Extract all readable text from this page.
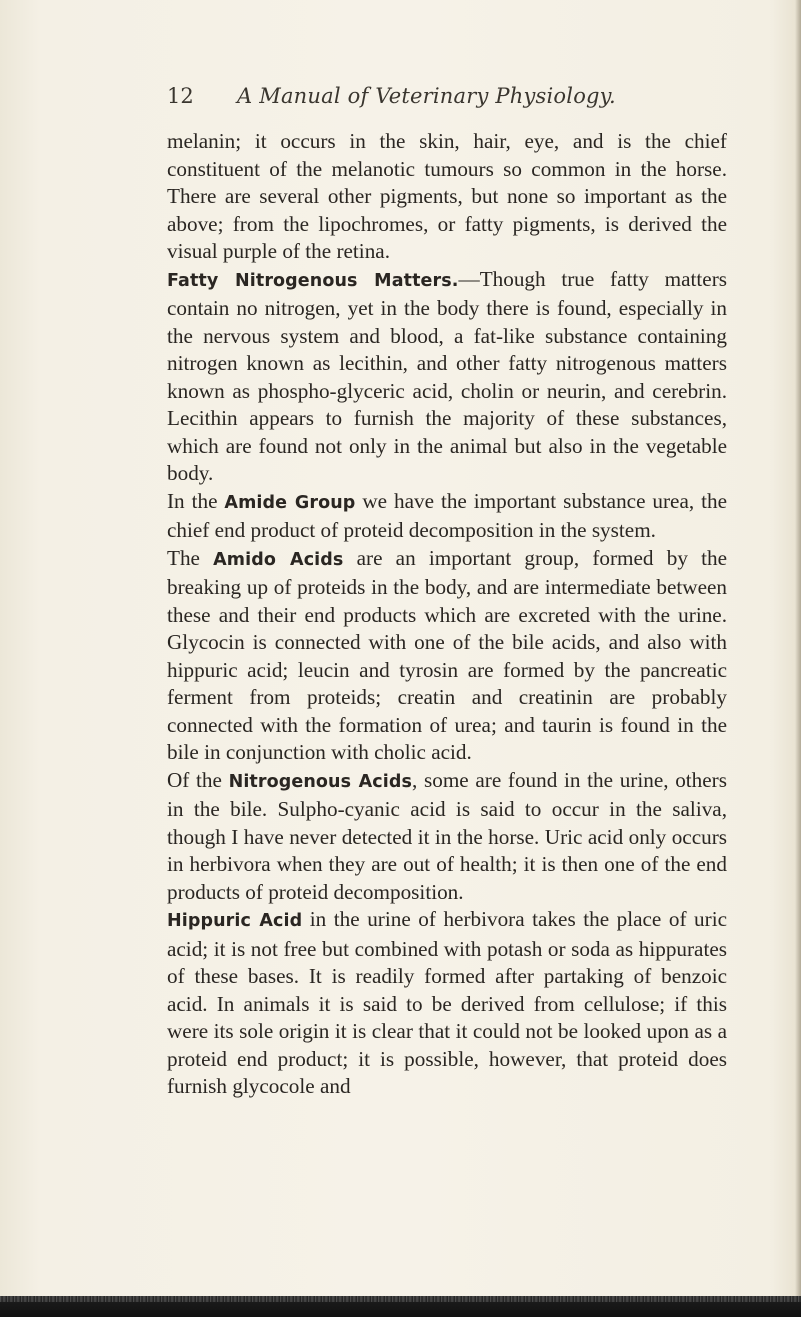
12 A Manual of Veterinary Physiology.

melanin; it occurs in the skin, hair, eye, and is the chief constituent of the melanotic tumours so common in the horse. There are several other pigments, but none so important as the above; from the lipochromes, or fatty pigments, is derived the visual purple of the retina.

Fatty Nitrogenous Matters.—Though true fatty matters contain no nitrogen, yet in the body there is found, especially in the nervous system and blood, a fat-like substance containing nitrogen known as lecithin, and other fatty nitrogenous matters known as phospho-glyceric acid, cholin or neurin, and cerebrin. Lecithin appears to furnish the majority of these substances, which are found not only in the animal but also in the vegetable body.

In the Amide Group we have the important substance urea, the chief end product of proteid decomposition in the system.

The Amido Acids are an important group, formed by the breaking up of proteids in the body, and are intermediate between these and their end products which are excreted with the urine. Glycocin is connected with one of the bile acids, and also with hippuric acid; leucin and tyrosin are formed by the pancreatic ferment from proteids; creatin and creatinin are probably connected with the formation of urea; and taurin is found in the bile in conjunction with cholic acid.

Of the Nitrogenous Acids, some are found in the urine, others in the bile. Sulpho-cyanic acid is said to occur in the saliva, though I have never detected it in the horse. Uric acid only occurs in herbivora when they are out of health; it is then one of the end products of proteid decomposition.

Hippuric Acid in the urine of herbivora takes the place of uric acid; it is not free but combined with potash or soda as hippurates of these bases. It is readily formed after partaking of benzoic acid. In animals it is said to be derived from cellulose; if this were its sole origin it is clear that it could not be looked upon as a proteid end product; it is possible, however, that proteid does furnish glycocole and
